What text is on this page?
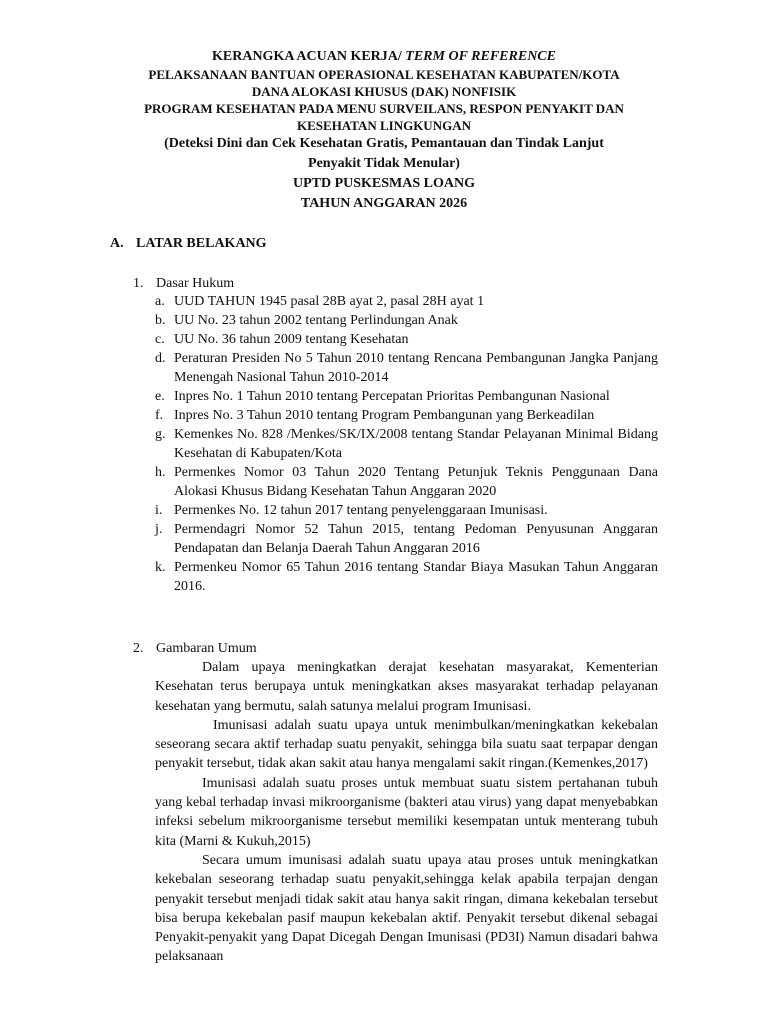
KERANGKA ACUAN KERJA/ TERM OF REFERENCE
PELAKSANAAN BANTUAN OPERASIONAL KESEHATAN KABUPATEN/KOTA
DANA ALOKASI KHUSUS (DAK) NONFISIK
PROGRAM KESEHATAN PADA MENU SURVEILANS, RESPON PENYAKIT DAN
KESEHATAN LINGKUNGAN
(Deteksi Dini dan Cek Kesehatan Gratis, Pemantauan dan Tindak Lanjut
Penyakit Tidak Menular)
UPTD PUSKESMAS LOANG
TAHUN ANGGARAN 2026
A. LATAR BELAKANG
1. Dasar Hukum
a. UUD TAHUN 1945 pasal 28B ayat 2, pasal 28H ayat 1
b. UU No. 23 tahun 2002 tentang Perlindungan Anak
c. UU No. 36 tahun 2009 tentang Kesehatan
d. Peraturan Presiden No 5 Tahun 2010 tentang Rencana Pembangunan Jangka Panjang Menengah Nasional Tahun 2010-2014
e. Inpres No. 1 Tahun 2010 tentang Percepatan Prioritas Pembangunan Nasional
f. Inpres No. 3 Tahun 2010 tentang Program Pembangunan yang Berkeadilan
g. Kemenkes No. 828 /Menkes/SK/IX/2008 tentang Standar Pelayanan Minimal Bidang Kesehatan di Kabupaten/Kota
h. Permenkes Nomor 03 Tahun 2020 Tentang Petunjuk Teknis Penggunaan Dana Alokasi Khusus Bidang Kesehatan Tahun Anggaran 2020
i. Permenkes No. 12 tahun 2017 tentang penyelenggaraan Imunisasi.
j. Permendagri Nomor 52 Tahun 2015, tentang Pedoman Penyusunan Anggaran Pendapatan dan Belanja Daerah Tahun Anggaran 2016
k. Permenkeu Nomor 65 Tahun 2016 tentang Standar Biaya Masukan Tahun Anggaran 2016.
2. Gambaran Umum

Dalam upaya meningkatkan derajat kesehatan masyarakat, Kementerian Kesehatan terus berupaya untuk meningkatkan akses masyarakat terhadap pelayanan kesehatan yang bermutu, salah satunya melalui program Imunisasi.

Imunisasi adalah suatu upaya untuk menimbulkan/meningkatkan kekebalan seseorang secara aktif terhadap suatu penyakit, sehingga bila suatu saat terpapar dengan penyakit tersebut, tidak akan sakit atau hanya mengalami sakit ringan.(Kemenkes,2017)

Imunisasi adalah suatu proses untuk membuat suatu sistem pertahanan tubuh yang kebal terhadap invasi mikroorganisme (bakteri atau virus) yang dapat menyebabkan infeksi sebelum mikroorganisme tersebut memiliki kesempatan untuk menterang tubuh kita (Marni & Kukuh,2015)

Secara umum imunisasi adalah suatu upaya atau proses untuk meningkatkan kekebalan seseorang terhadap suatu penyakit,sehingga kelak apabila terpajan dengan penyakit tersebut menjadi tidak sakit atau hanya sakit ringan, dimana kekebalan tersebut bisa berupa kekebalan pasif maupun kekebalan aktif. Penyakit tersebut dikenal sebagai Penyakit-penyakit yang Dapat Dicegah Dengan Imunisasi (PD3I) Namun disadari bahwa pelaksanaan
